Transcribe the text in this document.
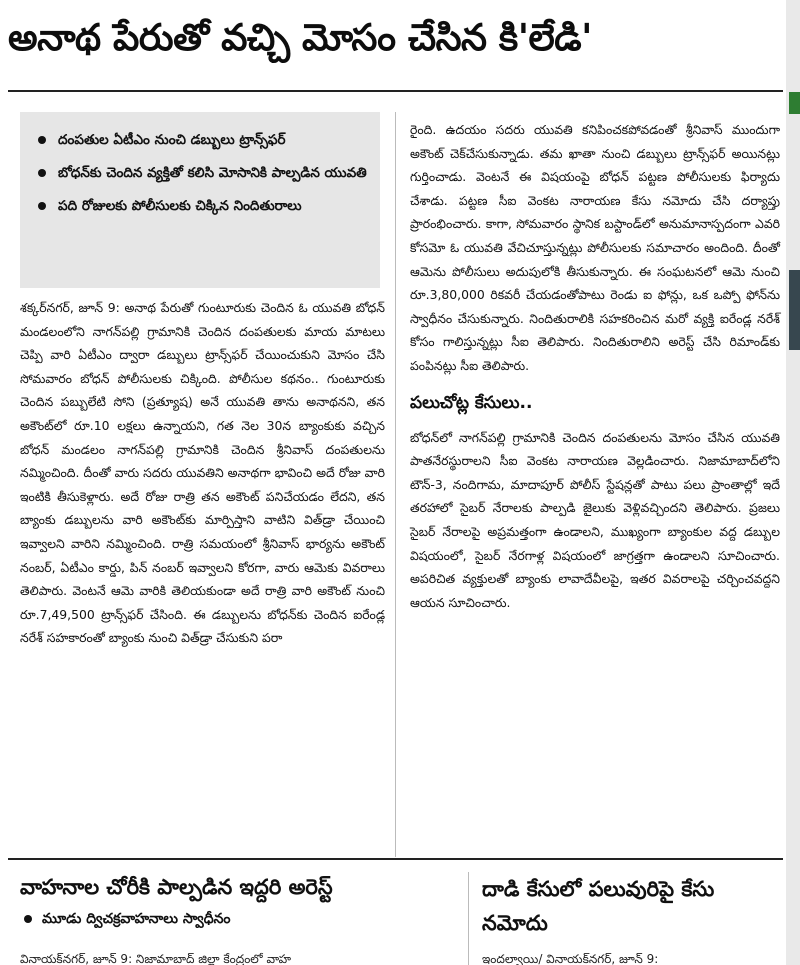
అనాథ పేరుతో వచ్చి మోసం చేసిన కి'లేడి'
దంపతుల ఏటీఎం నుంచి డబ్బులు ట్రాన్స్‌ఫర్
బోధన్‌కు చెందిన వ్యక్తితో కలిసి మోసానికి పాల్పడిన యువతి
పది రోజులకు పోలీసులకు చిక్కిన నిందితురాలు
శక్కర్‌నగర్, జూన్ 9: అనాథ పేరుతో గుంటూరుకు చెందిన ఓ యువతి బోధన్ మండలంలోని నాగన్‌పల్లి గ్రామానికి చెందిన దంపతులకు మాయ మాటలు చెప్పి వారి ఏటీఎం ద్వారా డబ్బులు ట్రాన్స్‌ఫర్ చేయించుకుని మోసం చేసి సోమవారం బోధన్ పోలీసులకు చిక్కింది. పోలీసుల కథనం.. గుంటూరుకు చెందిన పబ్బులేటి సోని (ప్రత్యూష) అనే యువతి తాను అనాథనని, తన అకౌంట్‌లో రూ.10 లక్షలు ఉన్నాయని, గత నెల 30న బ్యాంకుకు వచ్చిన బోధన్ మండలం నాగన్‌పల్లి గ్రామానికి చెందిన శ్రీనివాస్ దంపతులను నమ్మించింది. దీంతో వారు సదరు యువతిని అనాథగా భావించి అదే రోజు వారి ఇంటికి తీసుకెళ్లారు. అదే రోజు రాత్రి తన అకౌంట్ పనిచేయడం లేదని, తన బ్యాంకు డబ్బులను వారి అకౌంట్‌కు మార్పిస్తాని వాటిని విత్‌డ్రా చేయించి ఇవ్వాలని వారిని నమ్మించింది. రాత్రి సమయంలో శ్రీనివాస్ భార్యను అకౌంట్ నంబర్, ఏటీఎం కార్డు, పిన్ నంబర్ ఇవ్వాలని కోరగా, వారు ఆమెకు వివరాలు తెలిపారు. వెంటనే ఆమె వారికి తెలియకుండా అదే రాత్రి వారి అకౌంట్ నుంచి రూ.7,49,500 ట్రాన్స్‌ఫర్ చేసింది. ఈ డబ్బులను బోధన్‌కు చెందిన ఐరేండ్ల నరేశ్ సహకారంతో బ్యాంకు నుంచి విత్‌డ్రా చేసుకుని పరా
రైంది. ఉదయం సదరు యువతి కనిపించకపోవడంతో శ్రీనివాస్ ముందుగా అకౌంట్ చెక్‌చేసుకున్నాడు. తమ ఖాతా నుంచి డబ్బులు ట్రాన్స్‌ఫర్ అయినట్లు గుర్తించాడు. వెంటనే ఈ విషయంపై బోధన్ పట్టణ పోలీసులకు ఫిర్యాదు చేశాడు. పట్టణ సీఐ వెంకట నారాయణ కేసు నమోదు చేసి దర్యాప్తు ప్రారంభించారు. కాగా, సోమవారం స్థానిక బస్టాండ్‌లో అనుమానాస్పదంగా ఎవరి కోసమో ఓ యువతి వేచిచూస్తున్నట్లు పోలీసులకు సమాచారం అందింది. దీంతో ఆమెను పోలీసులు అదుపులోకి తీసుకున్నారు. ఈ సంఘటనలో ఆమె నుంచి రూ.3,80,000 రికవరీ చేయడంతోపాటు రెండు ఐ ఫోన్లు, ఒక ఒప్పో ఫోన్‌ను స్వాధీనం చేసుకున్నారు. నిందితురాలికి సహకరించిన మరో వ్యక్తి ఐరేండ్ల నరేశ్ కోసం గాలిస్తున్నట్లు సీఐ తెలిపారు. నిందితురాలిని అరెస్ట్ చేసి రిమాండ్‌కు పంపినట్లు సీఐ తెలిపారు.
పలుచోట్ల కేసులు..
బోధన్‌లో నాగన్‌పల్లి గ్రామానికి చెందిన దంపతులను మోసం చేసిన యువతి పాతనేరస్థురాలని సీఐ వెంకట నారాయణ వెల్లడించారు. నిజామాబాద్‌లోని టౌన్-3, నందిగామ, మాదాపూర్ పోలీస్ స్టేషన్లతో పాటు పలు ప్రాంతాల్లో ఇదే తరహాలో సైబర్ నేరాలకు పాల్పడి జైలుకు వెళ్లివచ్చిందని తెలిపారు. ప్రజలు సైబర్ నేరాలపై అప్రమత్తంగా ఉండాలని, ముఖ్యంగా బ్యాంకుల వద్ద డబ్బుల విషయంలో, సైబర్ నేరగాళ్ల విషయంలో జాగ్రత్తగా ఉండాలని సూచించారు. అపరిచిత వ్యక్తులతో బ్యాంకు లావాదేవీలపై, ఇతర వివరాలపై చర్చించవద్దని ఆయన సూచించారు.
వాహనాల చోరీకి పాల్పడిన ఇద్దరి అరెస్ట్
మూడు ద్విచక్రవాహనాలు స్వాధీనం
వినాయక్‌నగర్, జూన్ 9: నిజామాబాద్ జిల్లా కేంద్రంలో వాహ
దాడి కేసులో పలువురిపై కేసు నమోదు
ఇందల్వాయి/ వినాయక్‌నగర్, జూన్ 9:
